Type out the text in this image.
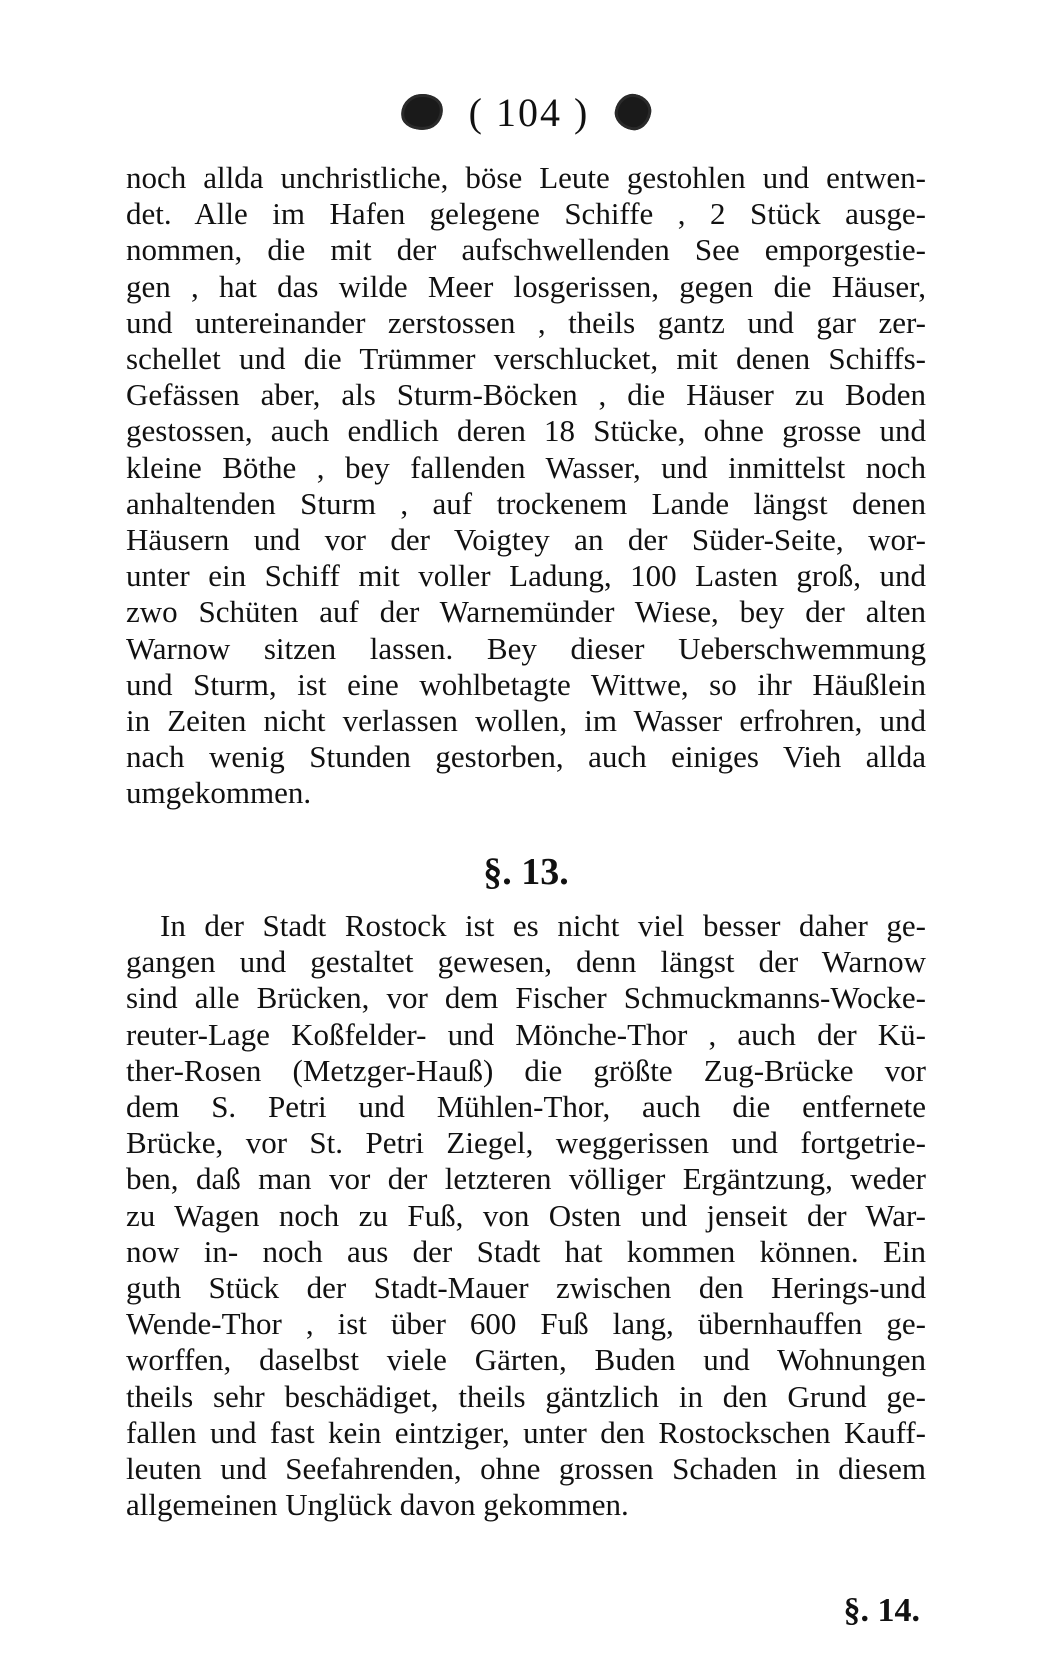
( 104 )
noch allda unchristliche, böse Leute gestohlen und entwen-
det. Alle im Hafen gelegene Schiffe , 2 Stück ausge-
nommen, die mit der aufschwellenden See emporgestie-
gen , hat das wilde Meer losgerissen, gegen die Häuser,
und untereinander zerstossen , theils gantz und gar zer-
schellet und die Trümmer verschlucket, mit denen Schiffs-
Gefässen aber, als Sturm-Böcken , die Häuser zu Boden
gestossen, auch endlich deren 18 Stücke, ohne grosse und
kleine Böthe , bey fallenden Wasser, und inmittelst noch
anhaltenden Sturm , auf trockenem Lande längst denen
Häusern und vor der Voigtey an der Süder-Seite, wor-
unter ein Schiff mit voller Ladung, 100 Lasten groß, und
zwo Schüten auf der Warnemünder Wiese, bey der alten
Warnow sitzen lassen. Bey dieser Ueberschwemmung
und Sturm, ist eine wohlbetagte Wittwe, so ihr Häußlein
in Zeiten nicht verlassen wollen, im Wasser erfrohren, und
nach wenig Stunden gestorben, auch einiges Vieh allda
umgekommen.
§. 13.
In der Stadt Rostock ist es nicht viel besser daher ge-
gangen und gestaltet gewesen, denn längst der Warnow
sind alle Brücken, vor dem Fischer Schmuckmanns-Wocke-
reuter-Lage Koßfelder- und Mönche-Thor , auch der Kü-
ther-Rosen (Metzger-Hauß) die größte Zug-Brücke vor
dem S. Petri und Mühlen-Thor, auch die entfernete
Brücke, vor St. Petri Ziegel, weggerissen und fortgetrie-
ben, daß man vor der letzteren völliger Ergäntzung, weder
zu Wagen noch zu Fuß, von Osten und jenseit der War-
now in- noch aus der Stadt hat kommen können. Ein
guth Stück der Stadt-Mauer zwischen den Herings-und
Wende-Thor , ist über 600 Fuß lang, übernhauffen ge-
worffen, daselbst viele Gärten, Buden und Wohnungen
theils sehr beschädiget, theils gäntzlich in den Grund ge-
fallen und fast kein eintziger, unter den Rostockschen Kauff-
leuten und Seefahrenden, ohne grossen Schaden in diesem
allgemeinen Unglück davon gekommen.
§. 14.
